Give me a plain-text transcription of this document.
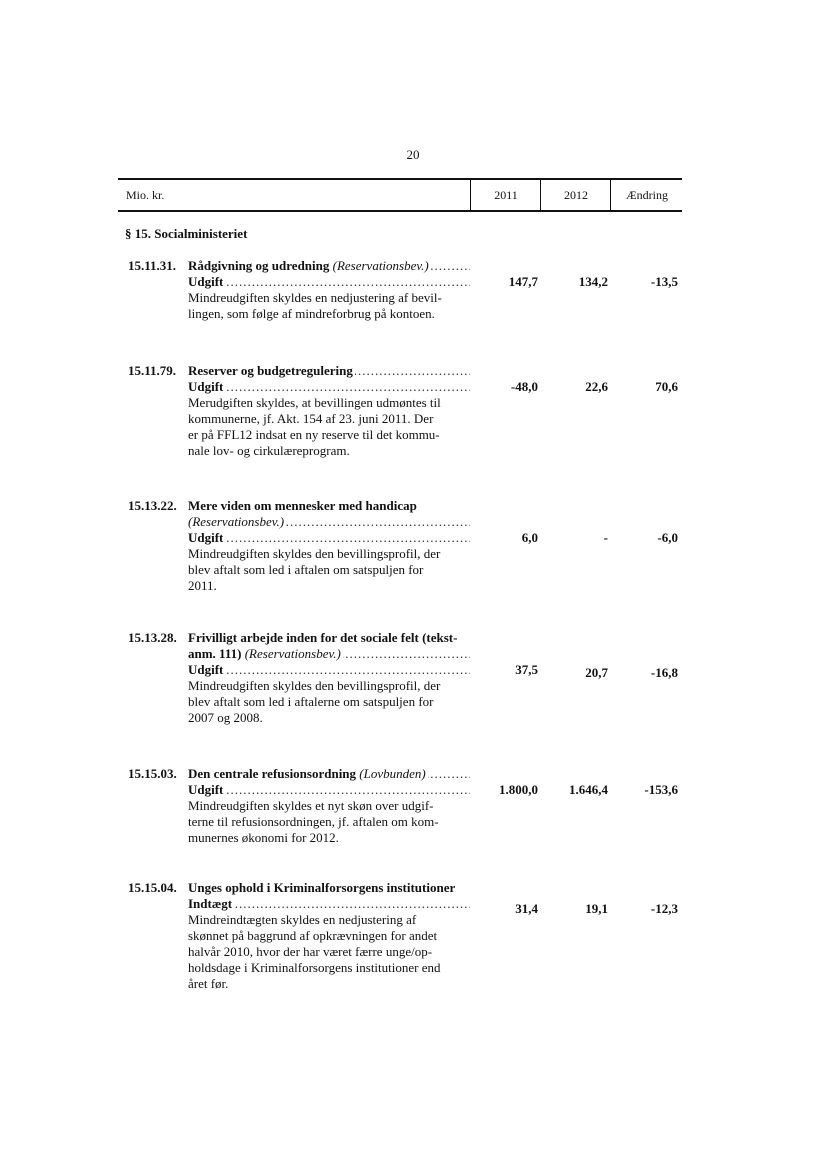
20
Mio. kr.	2011	2012	Ændring
§ 15. Socialministeriet
15.11.31. Rådgivning og udredning (Reservationsbev.) .....
Udgift .....
Mindreudgiften skyldes en nedjustering af bevil-
lingen, som følge af mindreforbrug på kontoen.
147,7	134,2	-13,5
15.11.79. Reserver og budgetregulering .....
Udgift .....
Merudgiften skyldes, at bevillingen udmøntes til
kommunerne, jf. Akt. 154 af 23. juni 2011. Der
er på FFL12 indsat en ny reserve til det kommu-
nale lov- og cirkulæreprogram.
-48,0	22,6	70,6
15.13.22. Mere viden om mennesker med handicap
(Reservationsbev.) .....
Udgift .....
Mindreudgiften skyldes den bevillingsprofil, der
blev aftalt som led i aftalen om satspuljen for
2011.
6,0	-	-6,0
15.13.28. Frivilligt arbejde inden for det sociale felt (tekst-
anm. 111) (Reservationsbev.) .....
Udgift .....
Mindreudgiften skyldes den bevillingsprofil, der
blev aftalt som led i aftalerne om satspuljen for
2007 og 2008.
37,5	20,7	-16,8
15.15.03. Den centrale refusionsordning (Lovbunden) .....
Udgift .....
Mindreudgiften skyldes et nyt skøn over udgif-
terne til refusionsordningen, jf. aftalen om kom-
munernes økonomi for 2012.
1.800,0	1.646,4	-153,6
15.15.04. Unges ophold i Kriminalforsorgens institutioner
Indtægt .....
Mindreindtægten skyldes en nedjustering af
skønnet på baggrund af opkrævningen for andet
halvår 2010, hvor der har været færre unge/op-
holdsdage i Kriminalforsorgens institutioner end
året før.
31,4	19,1	-12,3
